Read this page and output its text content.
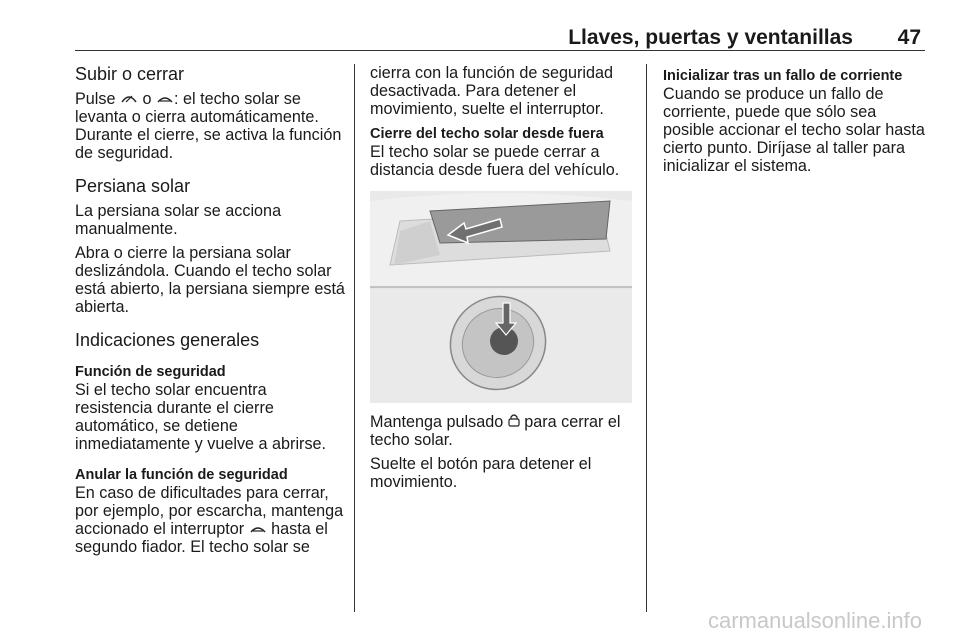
Llaves, puertas y ventanillas 47
Subir o cerrar

Pulse  o : el techo solar se levanta o cierra automáticamente. Durante el cierre, se activa la función de seguridad.

Persiana solar

La persiana solar se acciona manualmente.

Abra o cierre la persiana solar deslizándola. Cuando el techo solar está abierto, la persiana siempre está abierta.

Indicaciones generales
Función de seguridad

Si el techo solar encuentra resistencia durante el cierre automático, se detiene inmediatamente y vuelve a abrirse.

Anular la función de seguridad

En caso de dificultades para cerrar, por ejemplo, por escarcha, mantenga accionado el interruptor  hasta el segundo fiador. El techo solar se

cierra con la función de seguridad desactivada. Para detener el movimiento, suelte el interruptor.

Cierre del techo solar desde fuera

El techo solar se puede cerrar a distancia desde fuera del vehículo.

Mantenga pulsado  para cerrar el techo solar.

Suelte el botón para detener el movimiento.

Inicializar tras un fallo de corriente

Cuando se produce un fallo de corriente, puede que sólo sea posible accionar el techo solar hasta cierto punto. Diríjase al taller para inicializar el sistema.

carmanualsonline.info
